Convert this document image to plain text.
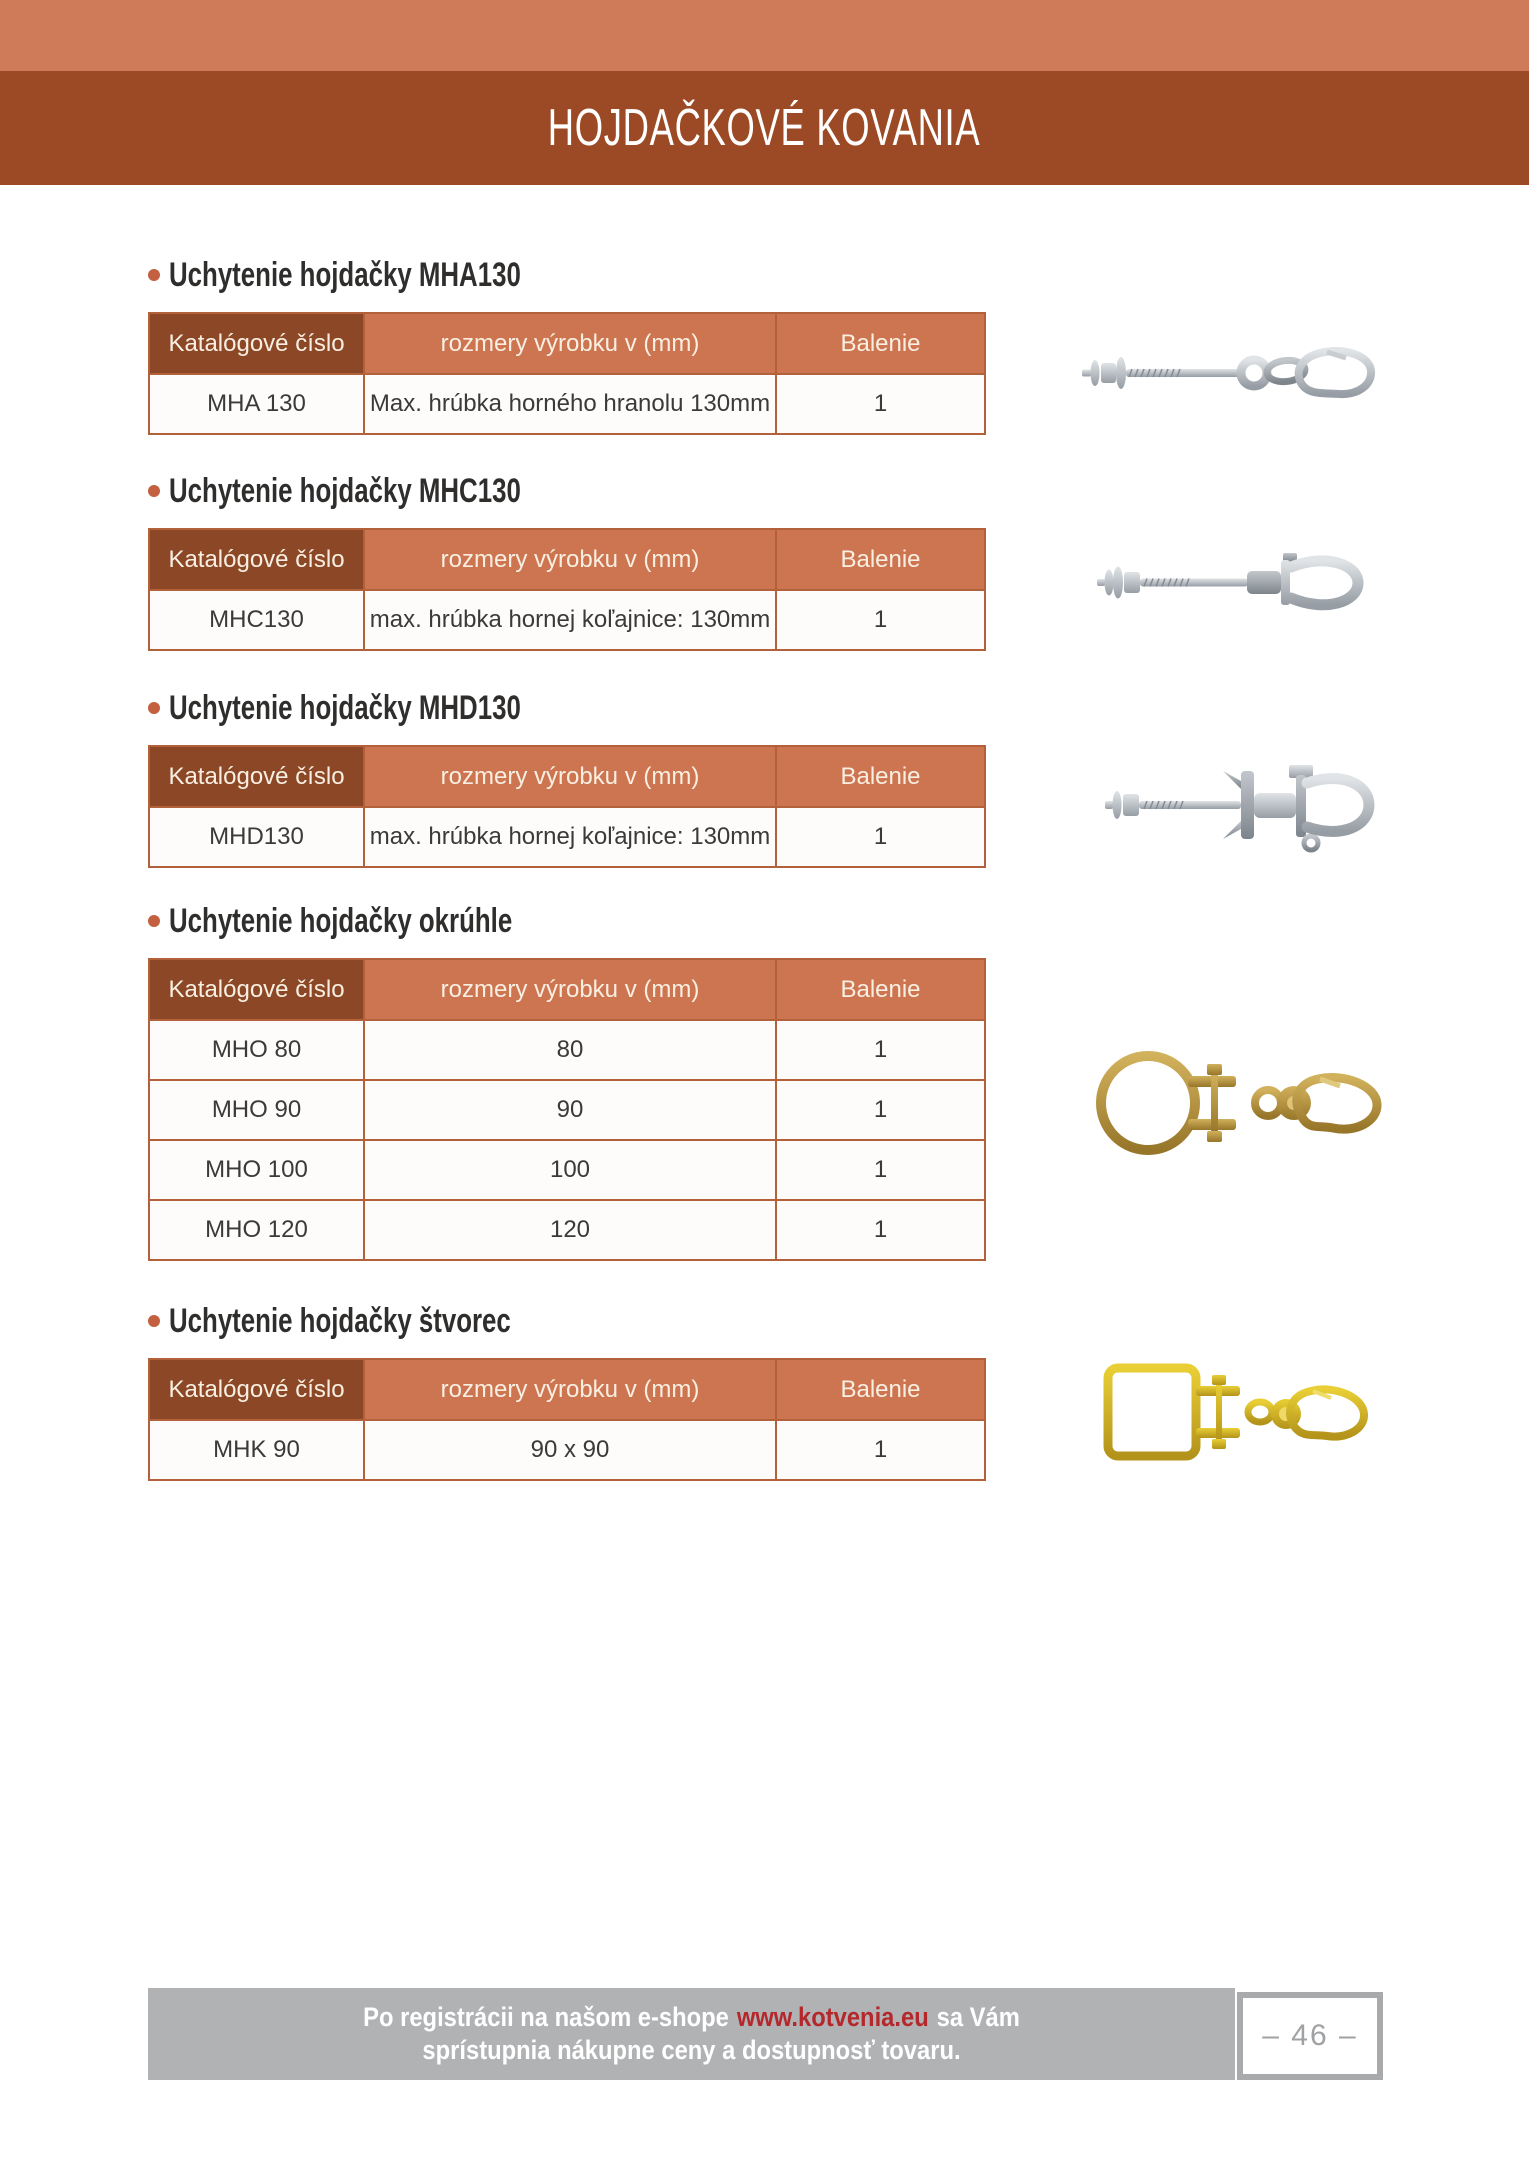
HOJDAČKOVÉ KOVANIA
Uchytenie hojdačky MHA130
Katalógové číslo	rozmery výrobku v (mm)	Balenie
MHA 130	Max. hrúbka horného hranolu 130mm	1
Uchytenie hojdačky MHC130
Katalógové číslo	rozmery výrobku v (mm)	Balenie
MHC130	max. hrúbka hornej koľajnice: 130mm	1
Uchytenie hojdačky MHD130
Katalógové číslo	rozmery výrobku v (mm)	Balenie
MHD130	max. hrúbka hornej koľajnice: 130mm	1
Uchytenie hojdačky okrúhle
Katalógové číslo	rozmery výrobku v (mm)	Balenie
MHO 80	80	1
MHO 90	90	1
MHO 100	100	1
MHO 120	120	1
Uchytenie hojdačky štvorec
Katalógové číslo	rozmery výrobku v (mm)	Balenie
MHK 90	90 x 90	1
Po registrácii na našom e-shope www.kotvenia.eu sa Vám
sprístupnia nákupne ceny a dostupnosť tovaru.	– 46 –
